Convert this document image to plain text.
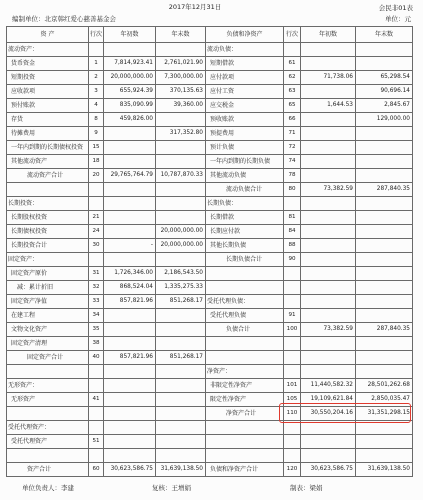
2017年12月31日	会民非01表
编制单位：北京韩红爱心慈善基金会	单位：元
资 产	行次	年初数	年末数	负债和净资产	行次	年初数	年末数
流动资产：				流动负债：			
货币资金	1	7,814,923.41	2,761,021.90	短期借款	61		
短期投资	2	20,000,000.00	7,300,000.00	应付款项	62	71,738.06	65,298.54
应收款项	3	655,924.39	370,135.63	应付工资	63		90,696.14
预付账款	4	835,090.99	39,360.00	应交税金	65	1,644.53	2,845.67
存货	8	459,826.00		预收账款	66		129,000.00
待摊费用	9		317,352.80	预提费用	71		
一年内到期的长期债权投资	15			预计负债	72		
其他流动资产	18			一年内到期的长期负债	74		
流动资产合计	20	29,765,764.79	10,787,870.33	其他流动负债	78		
				流动负债合计	80	73,382.59	287,840.35
长期投资：				长期负债：			
长期股权投资	21			长期借款	81		
长期债权投资	24		20,000,000.00	长期应付款	84		
长期投资合计	30	-	20,000,000.00	其他长期负债	88		
固定资产：				长期负债合计	90		
固定资产原价	31	1,726,346.00	2,186,543.50				
减：累计折旧	32	868,524.04	1,335,275.33				
固定资产净值	33	857,821.96	851,268.17	受托代理负债：			
在建工程	34			受托代理负债	91		
文物文化资产	35			负债合计	100	73,382.59	287,840.35
固定资产清理	38						
固定资产合计	40	857,821.96	851,268.17				
				净资产：			
无形资产：				非限定性净资产	101	11,440,582.32	28,501,262.68
无形资产	41			限定性净资产	105	19,109,621.84	2,850,035.47
				净资产合计	110	30,550,204.16	31,351,298.15
受托代理资产：							
受托代理资产	51						

资产合计	60	30,623,586.75	31,639,138.50	负债和净资产合计	120	30,623,586.75	31,639,138.50
单位负责人：李建	复核：王增娟	制表：梁娟
